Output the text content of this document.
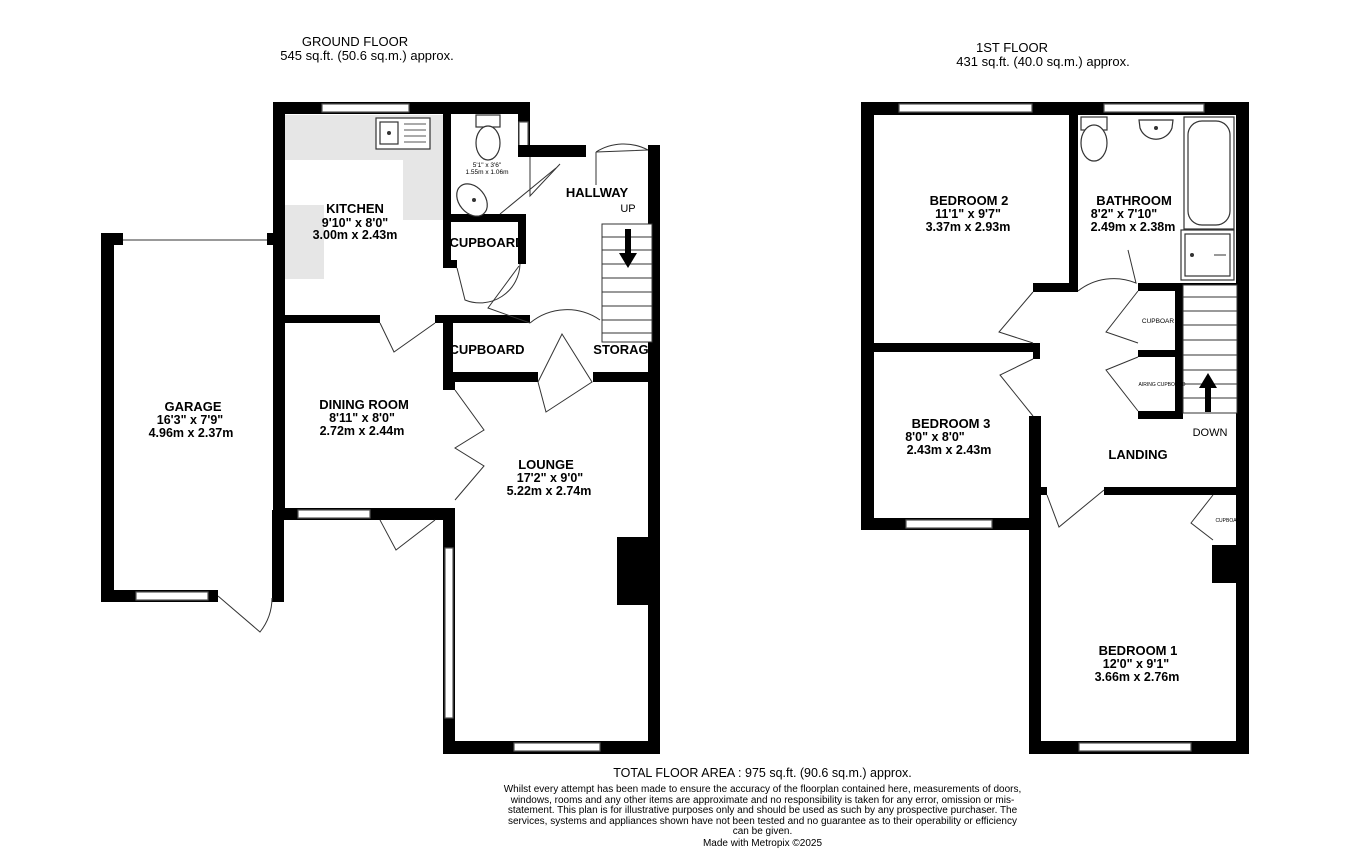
GROUND FLOOR
545 sq.ft. (50.6 sq.m.) approx.
1ST FLOOR
431 sq.ft. (40.0 sq.m.) approx.
KITCHEN
9'10" x 8'0"
3.00m x 2.43m
GARAGE
16'3" x 7'9"
4.96m x 2.37m
DINING ROOM
8'11" x 8'0"
2.72m x 2.44m
LOUNGE
17'2" x 9'0"
5.22m x 2.74m
HALLWAY
UP
CUPBOARD
CUPBOARD	STORAG
5'1" x 3'6"
1.55m x 1.06m
BEDROOM 2
11'1" x 9'7"
3.37m x 2.93m
BATHROOM
8'2" x 7'10"
2.49m x 2.38m
BEDROOM 3
8'0" x 8'0"
2.43m x 2.43m
BEDROOM 1
12'0" x 9'1"
3.66m x 2.76m
LANDING
DOWN
CUPBOAR
AIRING CUPBOARD
CUPBOA
TOTAL FLOOR AREA : 975 sq.ft. (90.6 sq.m.) approx.
Whilst every attempt has been made to ensure the accuracy of the floorplan contained here, measurements of doors, windows, rooms and any other items are approximate and no responsibility is taken for any error, omission or mis-statement. This plan is for illustrative purposes only and should be used as such by any prospective purchaser. The services, systems and appliances shown have not been tested and no guarantee as to their operability or efficiency can be given.
Made with Metropix ©2025
